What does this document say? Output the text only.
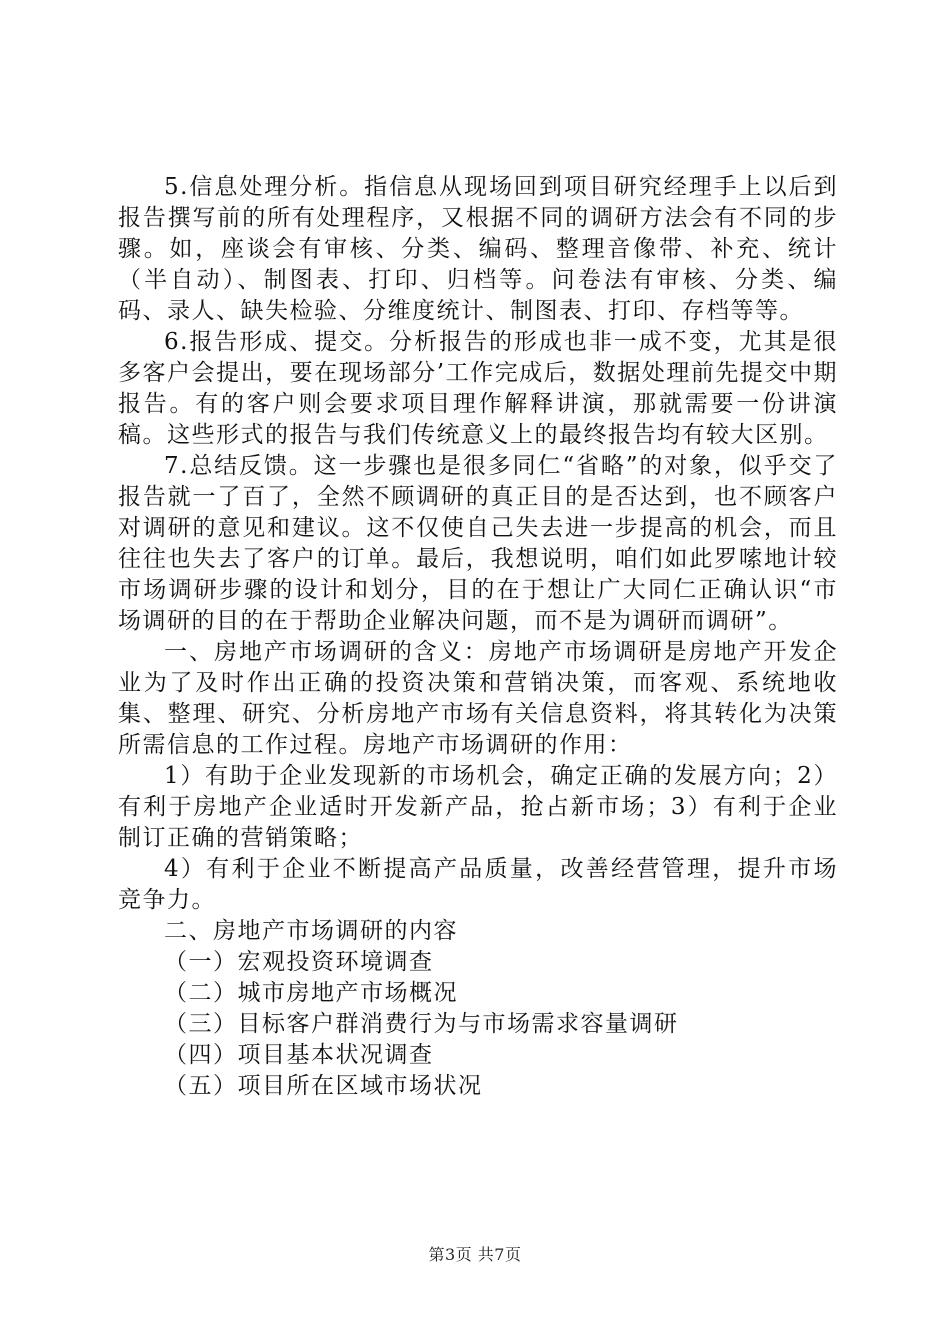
5.信息处理分析。指信息从现场回到项目研究经理手上以后到报告撰写前的所有处理程序，又根据不同的调研方法会有不同的步骤。如，座谈会有审核、分类、编码、整理音像带、补充、统计（半自动）、制图表、打印、归档等。问卷法有审核、分类、编码、录人、缺失检验、分维度统计、制图表、打印、存档等等。

6.报告形成、提交。分析报告的形成也非一成不变，尤其是很多客户会提出，要在现场部分’工作完成后，数据处理前先提交中期报告。有的客户则会要求项目理作解释讲演，那就需要一份讲演稿。这些形式的报告与我们传统意义上的最终报告均有较大区别。

7.总结反馈。这一步骤也是很多同仁“省略”的对象，似乎交了报告就一了百了，全然不顾调研的真正目的是否达到，也不顾客户对调研的意见和建议。这不仅使自己失去进一步提高的机会，而且往往也失去了客户的订单。最后，我想说明，咱们如此罗嗦地计较市场调研步骤的设计和划分，目的在于想让广大同仁正确认识“市场调研的目的在于帮助企业解决问题，而不是为调研而调研”。

一、房地产市场调研的含义：房地产市场调研是房地产开发企业为了及时作出正确的投资决策和营销决策，而客观、系统地收集、整理、研究、分析房地产市场有关信息资料，将其转化为决策所需信息的工作过程。房地产市场调研的作用：

1）有助于企业发现新的市场机会，确定正确的发展方向；2）有利于房地产企业适时开发新产品，抢占新市场；3）有利于企业制订正确的营销策略；

4）有利于企业不断提高产品质量，改善经营管理，提升市场竞争力。

二、房地产市场调研的内容

（一）宏观投资环境调查

（二）城市房地产市场概况

（三）目标客户群消费行为与市场需求容量调研

（四）项目基本状况调查

（五）项目所在区域市场状况

第3页 共7页
